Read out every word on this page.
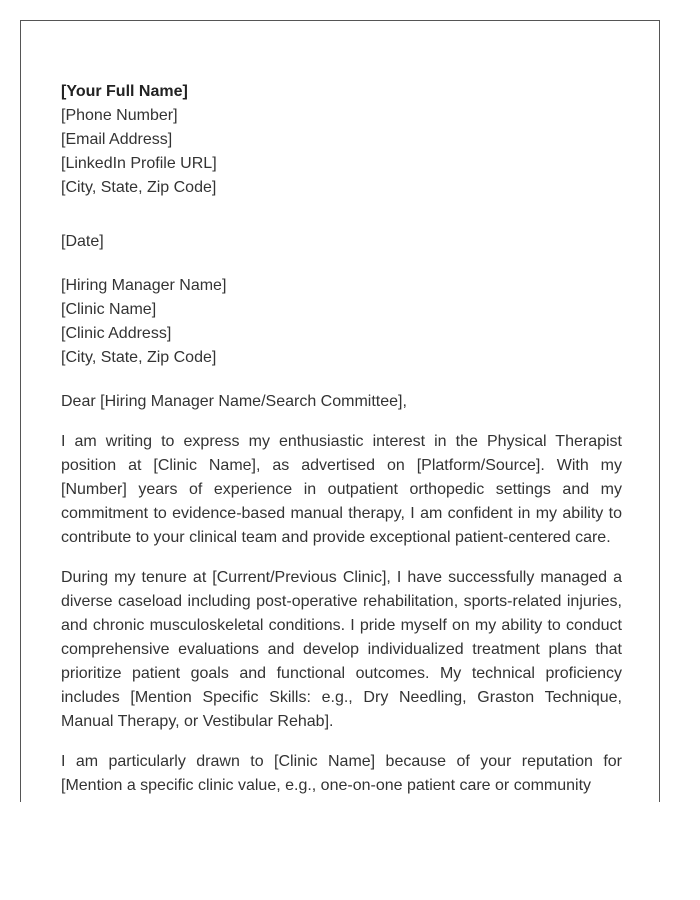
[Your Full Name]
[Phone Number]
[Email Address]
[LinkedIn Profile URL]
[City, State, Zip Code]
[Date]
[Hiring Manager Name]
[Clinic Name]
[Clinic Address]
[City, State, Zip Code]
Dear [Hiring Manager Name/Search Committee],

I am writing to express my enthusiastic interest in the Physical Therapist position at [Clinic Name], as advertised on [Platform/Source]. With my [Number] years of experience in outpatient orthopedic settings and my commitment to evidence-based manual therapy, I am confident in my ability to contribute to your clinical team and provide exceptional patient-centered care.

During my tenure at [Current/Previous Clinic], I have successfully managed a diverse caseload including post-operative rehabilitation, sports-related injuries, and chronic musculoskeletal conditions. I pride myself on my ability to conduct comprehensive evaluations and develop individualized treatment plans that prioritize patient goals and functional outcomes. My technical proficiency includes [Mention Specific Skills: e.g., Dry Needling, Graston Technique, Manual Therapy, or Vestibular Rehab].

I am particularly drawn to [Clinic Name] because of your reputation for [Mention a specific clinic value, e.g., one-on-one patient care or community
